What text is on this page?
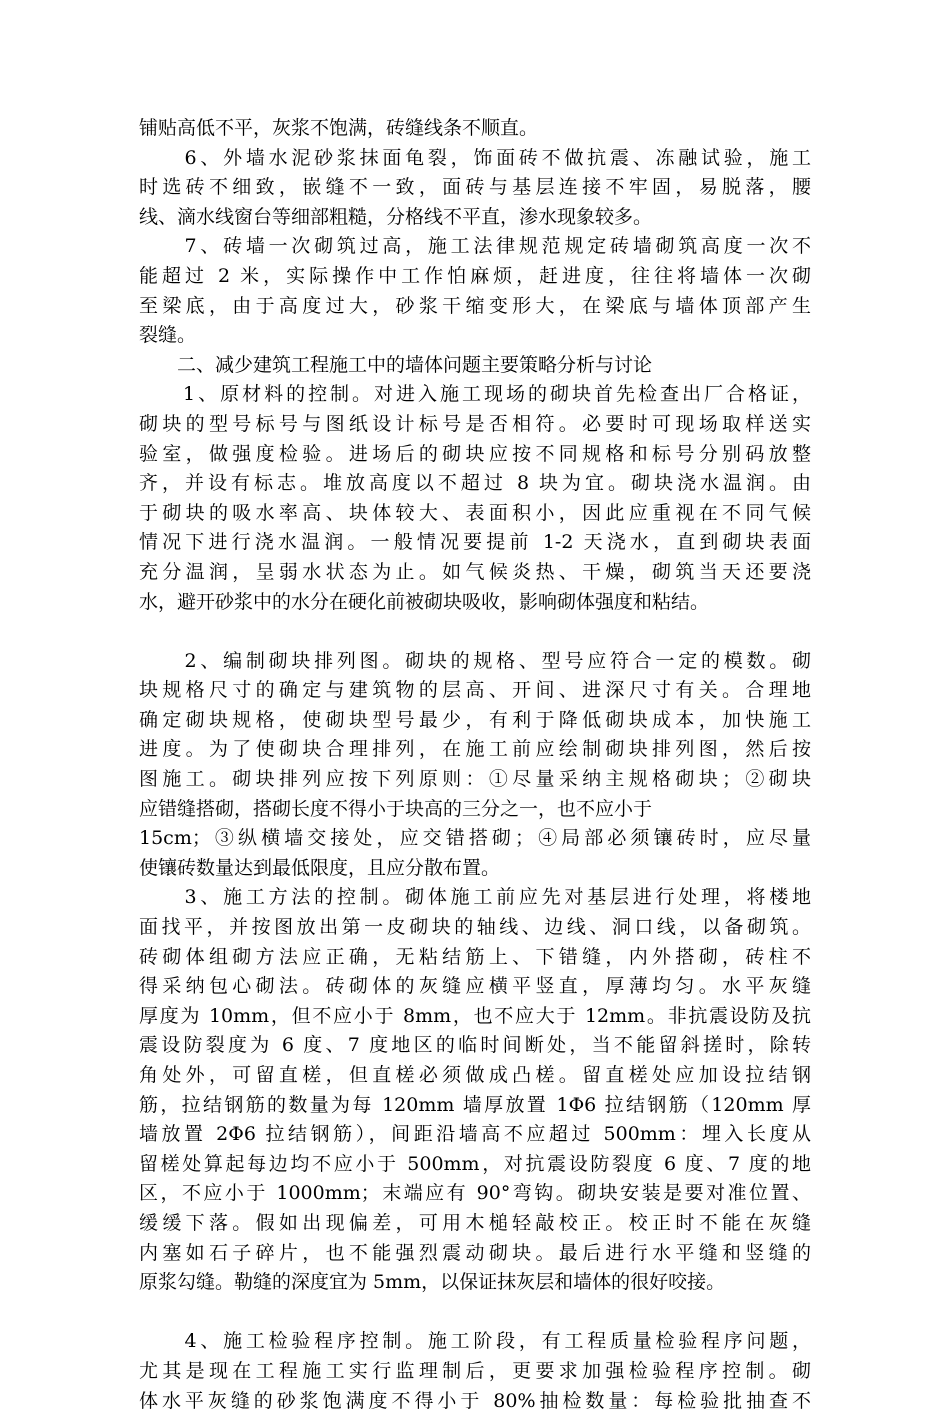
铺贴高低不平，灰浆不饱满，砖缝线条不顺直。
　　6、外墙水泥砂浆抹面龟裂，饰面砖不做抗震、冻融试验，施工
时选砖不细致，嵌缝不一致，面砖与基层连接不牢固，易脱落，腰
线、滴水线窗台等细部粗糙，分格线不平直，渗水现象较多。
　　7、砖墙一次砌筑过高，施工法律规范规定砖墙砌筑高度一次不
能超过 2 米，实际操作中工作怕麻烦，赶进度，往往将墙体一次砌
至梁底，由于高度过大，砂浆干缩变形大，在梁底与墙体顶部产生
裂缝。
　　二、减少建筑工程施工中的墙体问题主要策略分析与讨论
　　1、原材料的控制。对进入施工现场的砌块首先检查出厂合格证，
砌块的型号标号与图纸设计标号是否相符。必要时可现场取样送实
验室，做强度检验。进场后的砌块应按不同规格和标号分别码放整
齐，并设有标志。堆放高度以不超过 8 块为宜。砌块浇水温润。由
于砌块的吸水率高、块体较大、表面积小，因此应重视在不同气候
情况下进行浇水温润。一般情况要提前 1-2 天浇水，直到砌块表面
充分温润，呈弱水状态为止。如气候炎热、干燥，砌筑当天还要浇
水，避开砂浆中的水分在硬化前被砌块吸收，影响砌体强度和粘结。
　　2、编制砌块排列图。砌块的规格、型号应符合一定的模数。砌
块规格尺寸的确定与建筑物的层高、开间、进深尺寸有关。合理地
确定砌块规格，使砌块型号最少，有利于降低砌块成本，加快施工
进度。为了使砌块合理排列，在施工前应绘制砌块排列图，然后按
图施工。砌块排列应按下列原则：①尽量采纳主规格砌块；②砌块
应错缝搭砌，搭砌长度不得小于块高的三分之一，也不应小于
15cm；③纵横墙交接处，应交错搭砌；④局部必须镶砖时，应尽量
使镶砖数量达到最低限度，且应分散布置。
　　3、施工方法的控制。砌体施工前应先对基层进行处理，将楼地
面找平，并按图放出第一皮砌块的轴线、边线、洞口线，以备砌筑。
砖砌体组砌方法应正确，无粘结筋上、下错缝，内外搭砌，砖柱不
得采纳包心砌法。砖砌体的灰缝应横平竖直，厚薄均匀。水平灰缝
厚度为 10mm，但不应小于 8mm，也不应大于 12mm。非抗震设防及抗
震设防裂度为 6 度、7 度地区的临时间断处，当不能留斜搓时，除转
角处外，可留直槎，但直槎必须做成凸槎。留直槎处应加设拉结钢
筋，拉结钢筋的数量为每 120mm 墙厚放置 1Φ6 拉结钢筋（120mm 厚
墙放置 2Φ6 拉结钢筋），间距沿墙高不应超过 500mm：埋入长度从
留槎处算起每边均不应小于 500mm，对抗震设防裂度 6 度、7 度的地
区，不应小于 1000mm；末端应有 90°弯钩。砌块安装是要对准位置、
缓缓下落。假如出现偏差，可用木槌轻敲校正。校正时不能在灰缝
内塞如石子碎片，也不能强烈震动砌块。最后进行水平缝和竖缝的
原浆勾缝。勒缝的深度宜为 5mm，以保证抹灰层和墙体的很好咬接。
　　4、施工检验程序控制。施工阶段，有工程质量检验程序问题，
尤其是现在工程施工实行监理制后，更要求加强检验程序控制。砌
体水平灰缝的砂浆饱满度不得小于 80%抽检数量：每检验批抽查不
